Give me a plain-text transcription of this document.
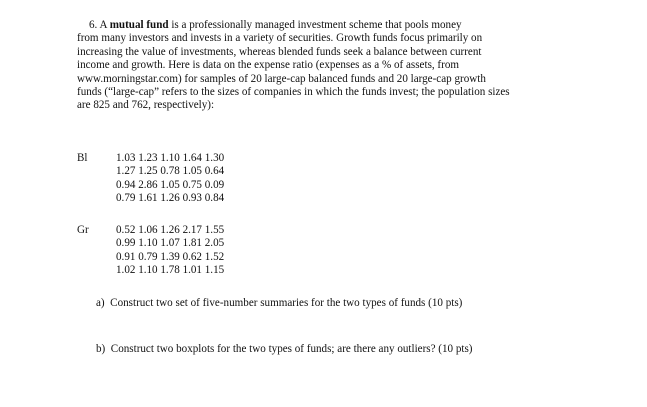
6. A mutual fund is a professionally managed investment scheme that pools money

from many investors and invests in a variety of securities. Growth funds focus primarily on

increasing the value of investments, whereas blended funds seek a balance between current

income and growth. Here is data on the expense ratio (expenses as a % of assets, from

www.morningstar.com) for samples of 20 large-cap balanced funds and 20 large-cap growth

funds (“large-cap” refers to the sizes of companies in which the funds invest; the population sizes

are 825 and 762, respectively):

Bl	1.03 1.23 1.10 1.64 1.30
1.27 1.25 0.78 1.05 0.64
0.94 2.86 1.05 0.75 0.09
0.79 1.61 1.26 0.93 0.84
Gr 0.52 1.06 1.26 2.17 1.55
0.99 1.10 1.07 1.81 2.05
0.91 0.79 1.39 0.62 1.52
1.02 1.10 1.78 1.01 1.15
a) Construct two set of five-number summaries for the two types of funds (10 pts)
b) Construct two boxplots for the two types of funds; are there any outliers? (10 pts)
